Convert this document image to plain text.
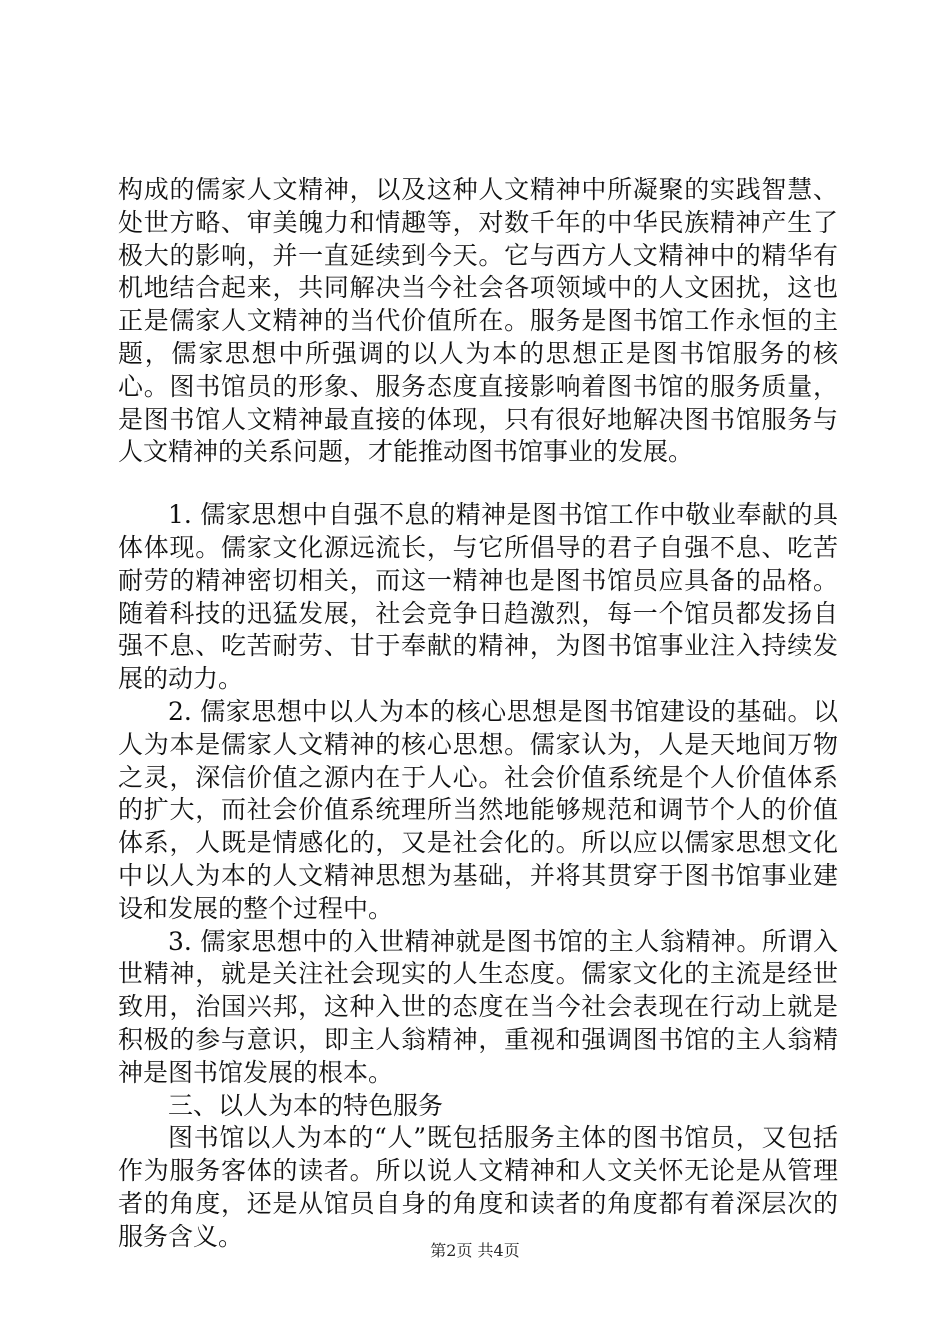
构成的儒家人文精神，以及这种人文精神中所凝聚的实践智慧、处世方略、审美魄力和情趣等，对数千年的中华民族精神产生了极大的影响，并一直延续到今天。它与西方人文精神中的精华有机地结合起来，共同解决当今社会各项领域中的人文困扰，这也正是儒家人文精神的当代价值所在。服务是图书馆工作永恒的主题，儒家思想中所强调的以人为本的思想正是图书馆服务的核心。图书馆员的形象、服务态度直接影响着图书馆的服务质量，是图书馆人文精神最直接的体现，只有很好地解决图书馆服务与人文精神的关系问题，才能推动图书馆事业的发展。

1. 儒家思想中自强不息的精神是图书馆工作中敬业奉献的具体体现。儒家文化源远流长，与它所倡导的君子自强不息、吃苦耐劳的精神密切相关，而这一精神也是图书馆员应具备的品格。随着科技的迅猛发展，社会竞争日趋激烈，每一个馆员都发扬自强不息、吃苦耐劳、甘于奉献的精神，为图书馆事业注入持续发展的动力。

2. 儒家思想中以人为本的核心思想是图书馆建设的基础。以人为本是儒家人文精神的核心思想。儒家认为，人是天地间万物之灵，深信价值之源内在于人心。社会价值系统是个人价值体系的扩大，而社会价值系统理所当然地能够规范和调节个人的价值体系，人既是情感化的，又是社会化的。所以应以儒家思想文化中以人为本的人文精神思想为基础，并将其贯穿于图书馆事业建设和发展的整个过程中。

3. 儒家思想中的入世精神就是图书馆的主人翁精神。所谓入世精神，就是关注社会现实的人生态度。儒家文化的主流是经世致用，治国兴邦，这种入世的态度在当今社会表现在行动上就是积极的参与意识，即主人翁精神，重视和强调图书馆的主人翁精神是图书馆发展的根本。

三、以人为本的特色服务

图书馆以人为本的“人”既包括服务主体的图书馆员，又包括作为服务客体的读者。所以说人文精神和人文关怀无论是从管理者的角度，还是从馆员自身的角度和读者的角度都有着深层次的服务含义。	第2页 共4页
